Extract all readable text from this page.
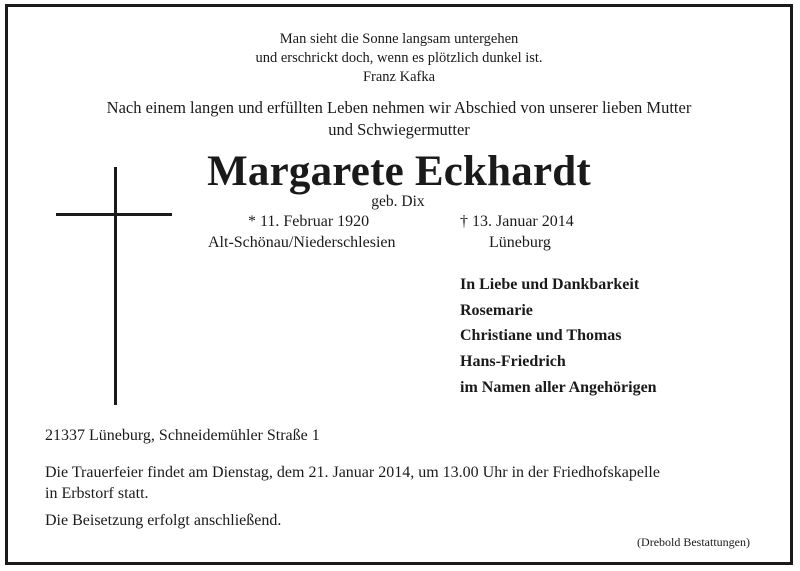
Man sieht die Sonne langsam untergehen
und erschrickt doch, wenn es plötzlich dunkel ist.
Franz Kafka
Nach einem langen und erfüllten Leben nehmen wir Abschied von unserer lieben Mutter
und Schwiegermutter
Margarete Eckhardt
geb. Dix
* 11. Februar 1920
Alt-Schönau/Niederschlesien
† 13. Januar 2014
Lüneburg
In Liebe und Dankbarkeit
Rosemarie
Christiane und Thomas
Hans-Friedrich
im Namen aller Angehörigen
21337 Lüneburg, Schneidemühler Straße 1
Die Trauerfeier findet am Dienstag, dem 21. Januar 2014, um 13.00 Uhr in der Friedhofskapelle
in Erbstorf statt.
Die Beisetzung erfolgt anschließend.
(Drebold Bestattungen)
